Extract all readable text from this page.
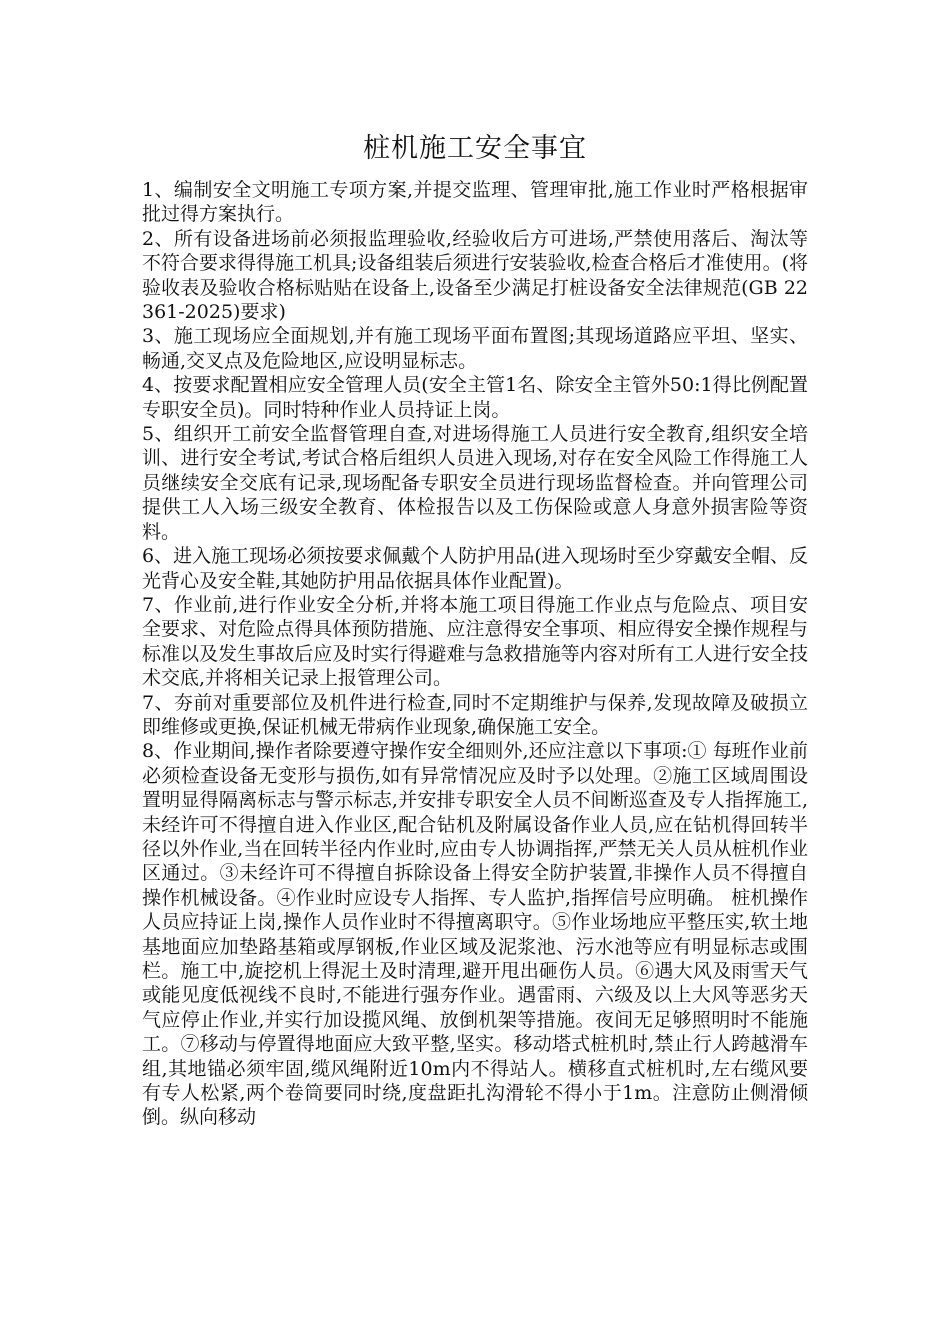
桩机施工安全事宜

1、编制安全文明施工专项方案,并提交监理、管理审批,施工作业时严格根据审批过得方案执行。

2、所有设备进场前必须报监理验收,经验收后方可进场,严禁使用落后、淘汰等不符合要求得得施工机具;设备组装后须进行安装验收,检查合格后才准使用。(将验收表及验收合格标贴贴在设备上,设备至少满足打桩设备安全法律规范(GB 22361-2025)要求)

3、施工现场应全面规划,并有施工现场平面布置图;其现场道路应平坦、坚实、畅通,交叉点及危险地区,应设明显标志。

4、按要求配置相应安全管理人员(安全主管1名、除安全主管外50:1得比例配置专职安全员)。同时特种作业人员持证上岗。

5、组织开工前安全监督管理自查,对进场得施工人员进行安全教育,组织安全培训、进行安全考试,考试合格后组织人员进入现场,对存在安全风险工作得施工人员继续安全交底有记录,现场配备专职安全员进行现场监督检查。并向管理公司提供工人入场三级安全教育、体检报告以及工伤保险或意人身意外损害险等资料。

6、进入施工现场必须按要求佩戴个人防护用品(进入现场时至少穿戴安全帽、反光背心及安全鞋,其她防护用品依据具体作业配置)。

7、作业前,进行作业安全分析,并将本施工项目得施工作业点与危险点、项目安全要求、对危险点得具体预防措施、应注意得安全事项、相应得安全操作规程与标准以及发生事故后应及时实行得避难与急救措施等内容对所有工人进行安全技术交底,并将相关记录上报管理公司。

7、夯前对重要部位及机件进行检查,同时不定期维护与保养,发现故障及破损立即维修或更换,保证机械无带病作业现象,确保施工安全。

8、作业期间,操作者除要遵守操作安全细则外,还应注意以下事项:① 每班作业前必须检查设备无变形与损伤,如有异常情况应及时予以处理。②施工区域周围设置明显得隔离标志与警示标志,并安排专职安全人员不间断巡查及专人指挥施工,未经许可不得擅自进入作业区,配合钻机及附属设备作业人员,应在钻机得回转半径以外作业,当在回转半径内作业时,应由专人协调指挥,严禁无关人员从桩机作业区通过。③未经许可不得擅自拆除设备上得安全防护装置,非操作人员不得擅自操作机械设备。④作业时应设专人指挥、专人监护,指挥信号应明确。 桩机操作人员应持证上岗,操作人员作业时不得擅离职守。⑤作业场地应平整压实,软土地基地面应加垫路基箱或厚钢板,作业区域及泥浆池、污水池等应有明显标志或围栏。施工中,旋挖机上得泥土及时清理,避开甩出砸伤人员。⑥遇大风及雨雪天气或能见度低视线不良时,不能进行强夯作业。遇雷雨、六级及以上大风等恶劣天气应停止作业,并实行加设揽风绳、放倒机架等措施。夜间无足够照明时不能施工。⑦移动与停置得地面应大致平整,坚实。移动塔式桩机时,禁止行人跨越滑车组,其地锚必须牢固,缆风绳附近10m内不得站人。横移直式桩机时,左右缆风要有专人松紧,两个卷筒要同时绕,度盘距扎沟滑轮不得小于1m。注意防止侧滑倾倒。纵向移动
